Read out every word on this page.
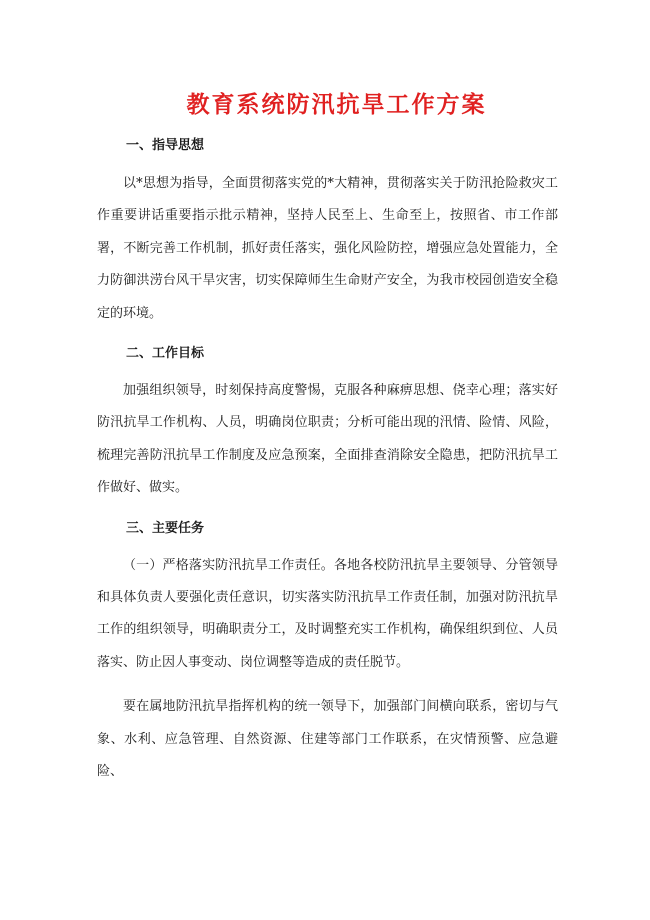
教育系统防汛抗旱工作方案
一、指导思想

以*思想为指导，全面贯彻落实党的*大精神，贯彻落实关于防汛抢险救灾工作重要讲话重要指示批示精神，坚持人民至上、生命至上，按照省、市工作部署，不断完善工作机制，抓好责任落实，强化风险防控，增强应急处置能力，全力防御洪涝台风干旱灾害，切实保障师生生命财产安全，为我市校园创造安全稳定的环境。

二、工作目标

加强组织领导，时刻保持高度警惕，克服各种麻痹思想、侥幸心理；落实好防汛抗旱工作机构、人员，明确岗位职责；分析可能出现的汛情、险情、风险，梳理完善防汛抗旱工作制度及应急预案，全面排查消除安全隐患，把防汛抗旱工作做好、做实。

三、主要任务

（一）严格落实防汛抗旱工作责任。各地各校防汛抗旱主要领导、分管领导和具体负责人要强化责任意识，切实落实防汛抗旱工作责任制，加强对防汛抗旱工作的组织领导，明确职责分工，及时调整充实工作机构，确保组织到位、人员落实、防止因人事变动、岗位调整等造成的责任脱节。

要在属地防汛抗旱指挥机构的统一领导下，加强部门间横向联系，密切与气象、水利、应急管理、自然资源、住建等部门工作联系，在灾情预警、应急避险、
